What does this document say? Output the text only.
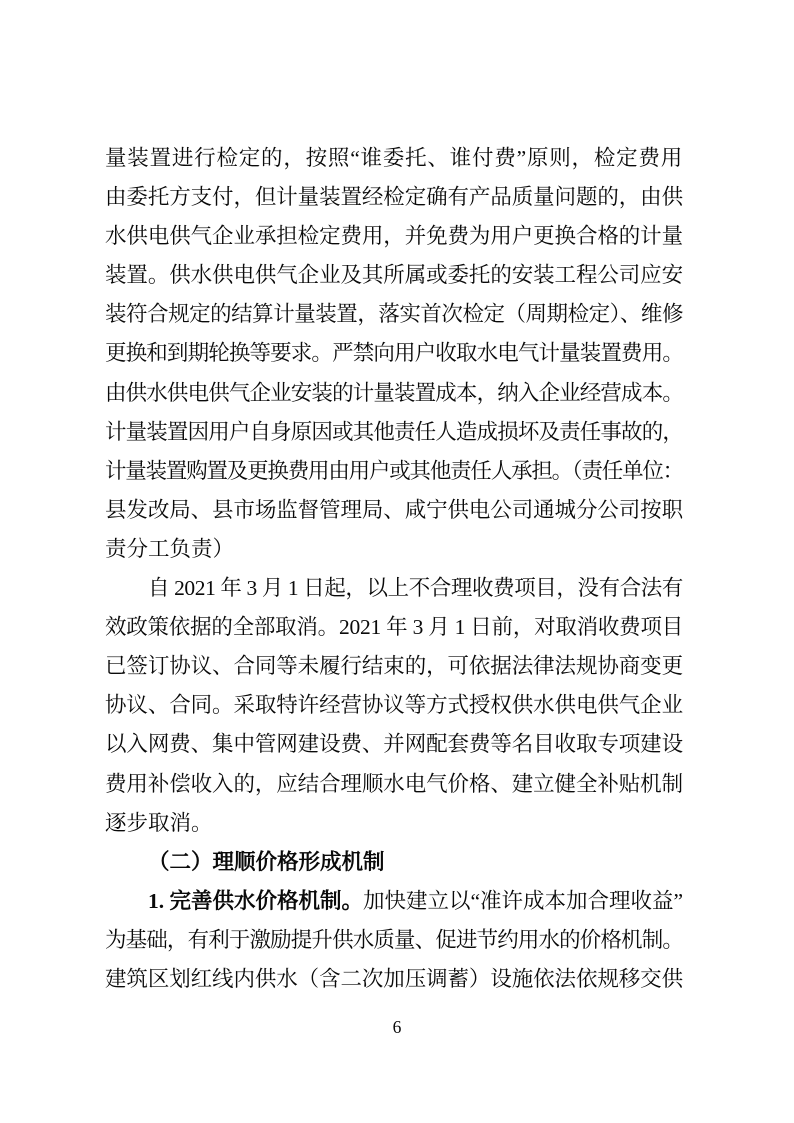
量装置进行检定的，按照“谁委托、谁付费”原则，检定费用
由委托方支付，但计量装置经检定确有产品质量问题的，由供
水供电供气企业承担检定费用，并免费为用户更换合格的计量
装置。供水供电供气企业及其所属或委托的安装工程公司应安
装符合规定的结算计量装置，落实首次检定（周期检定）、维修
更换和到期轮换等要求。严禁向用户收取水电气计量装置费用。
由供水供电供气企业安装的计量装置成本，纳入企业经营成本。
计量装置因用户自身原因或其他责任人造成损坏及责任事故的，
计量装置购置及更换费用由用户或其他责任人承担。（责任单位：
县发改局、县市场监督管理局、咸宁供电公司通城分公司按职
责分工负责）
自 2021 年 3 月 1 日起，以上不合理收费项目，没有合法有
效政策依据的全部取消。2021 年 3 月 1 日前，对取消收费项目
已签订协议、合同等未履行结束的，可依据法律法规协商变更
协议、合同。采取特许经营协议等方式授权供水供电供气企业
以入网费、集中管网建设费、并网配套费等名目收取专项建设
费用补偿收入的，应结合理顺水电气价格、建立健全补贴机制
逐步取消。
（二）理顺价格形成机制
1. 完善供水价格机制。加快建立以“准许成本加合理收益”
为基础，有利于激励提升供水质量、促进节约用水的价格机制。
建筑区划红线内供水（含二次加压调蓄）设施依法依规移交供
6
